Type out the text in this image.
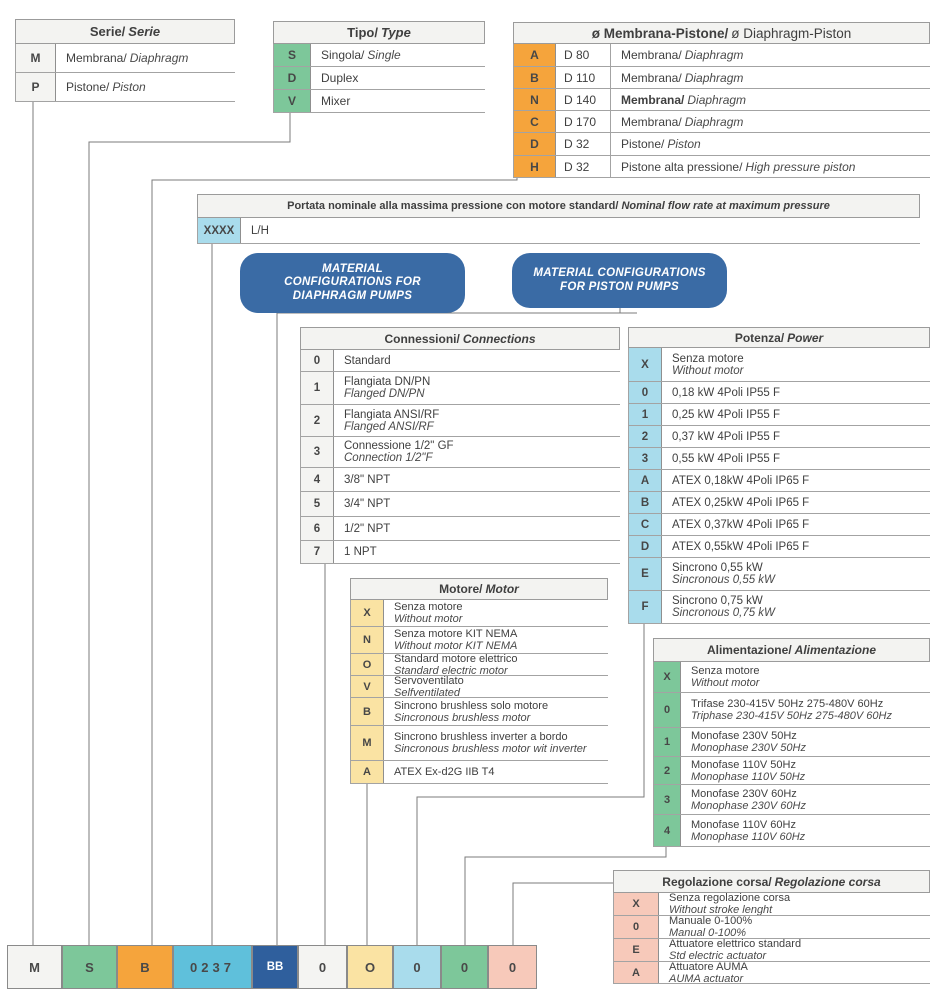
Serie/ Serie
M Membrana/ Diaphragm
P Pistone/ Piston
Tipo/ Type
S Singola/ Single
D Duplex
V Mixer
ø Membrana-Pistone/ ø Diaphragm-Piston
A D 80	Membrana/ Diaphragm
B D 110 Membrana/ Diaphragm
N D 140 Membrana/ Diaphragm
C D 170 Membrana/ Diaphragm
D D 32	Pistone/ Piston
H D 32	Pistone alta pressione/ High pressure piston
Portata nominale alla massima pressione con motore standard/ Nominal flow rate at maximum pressure
XXXX L/H
Connessioni/ Connections
0 Standard
1 Flangiata DN/PN
Flanged DN/PN
2 Flangiata ANSI/RF
Flanged ANSI/RF
3 Connessione 1/2" GF
Connection 1/2"F
4 3/8" NPT
5 3/4" NPT
6 1/2" NPT
7 1 NPT
Potenza/ Power
X Senza motore
Without motor
0 0,18 kW 4Poli IP55 F
1 0,25 kW 4Poli IP55 F
2 0,37 kW 4Poli IP55 F
3 0,55 kW 4Poli IP55 F
A ATEX 0,18kW 4Poli IP65 F
B ATEX 0,25kW 4Poli IP65 F
C ATEX 0,37kW 4Poli IP65 F
D ATEX 0,55kW 4Poli IP65 F
E Sincrono 0,55 kW
Sincronous 0,55 kW
F Sincrono 0,75 kW
Sincronous 0,75 kW
Motore/ Motor
X Senza motore
Without motor
N Senza motore KIT NEMA
Without motor KIT NEMA
O Standard motore elettrico
Standard electric motor
V Servoventilato
Selfventilated
B Sincrono brushless solo motore
Sincronous brushless motor
M Sincrono brushless inverter a bordo
Sincronous brushless motor wit inverter
A ATEX Ex-d2G IIB T4
Alimentazione/ Alimentazione
X Senza motore
Without motor
0 Trifase 230-415V 50Hz 275-480V 60Hz
Triphase 230-415V 50Hz 275-480V 60Hz
1 Monofase 230V 50Hz
Monophase 230V 50Hz
2 Monofase 110V 50Hz
Monophase 110V 50Hz
3 Monofase 230V 60Hz
Monophase 230V 60Hz
4 Monofase 110V 60Hz
Monophase 110V 60Hz
Regolazione corsa/ Regolazione corsa
X	Senza regolazione corsa
Without stroke lenght
0	Manuale 0-100%
Manual 0-100%
E	Attuatore elettrico standard
Std electric actuator
A	Attuatore AUMA
AUMA actuator
MATERIAL
CONFIGURATIONS FOR
DIAPHRAGM PUMPS
MATERIAL CONFIGURATIONS
FOR PISTON PUMPS
M	S	B	0237	BB	0	O	0	0	0
